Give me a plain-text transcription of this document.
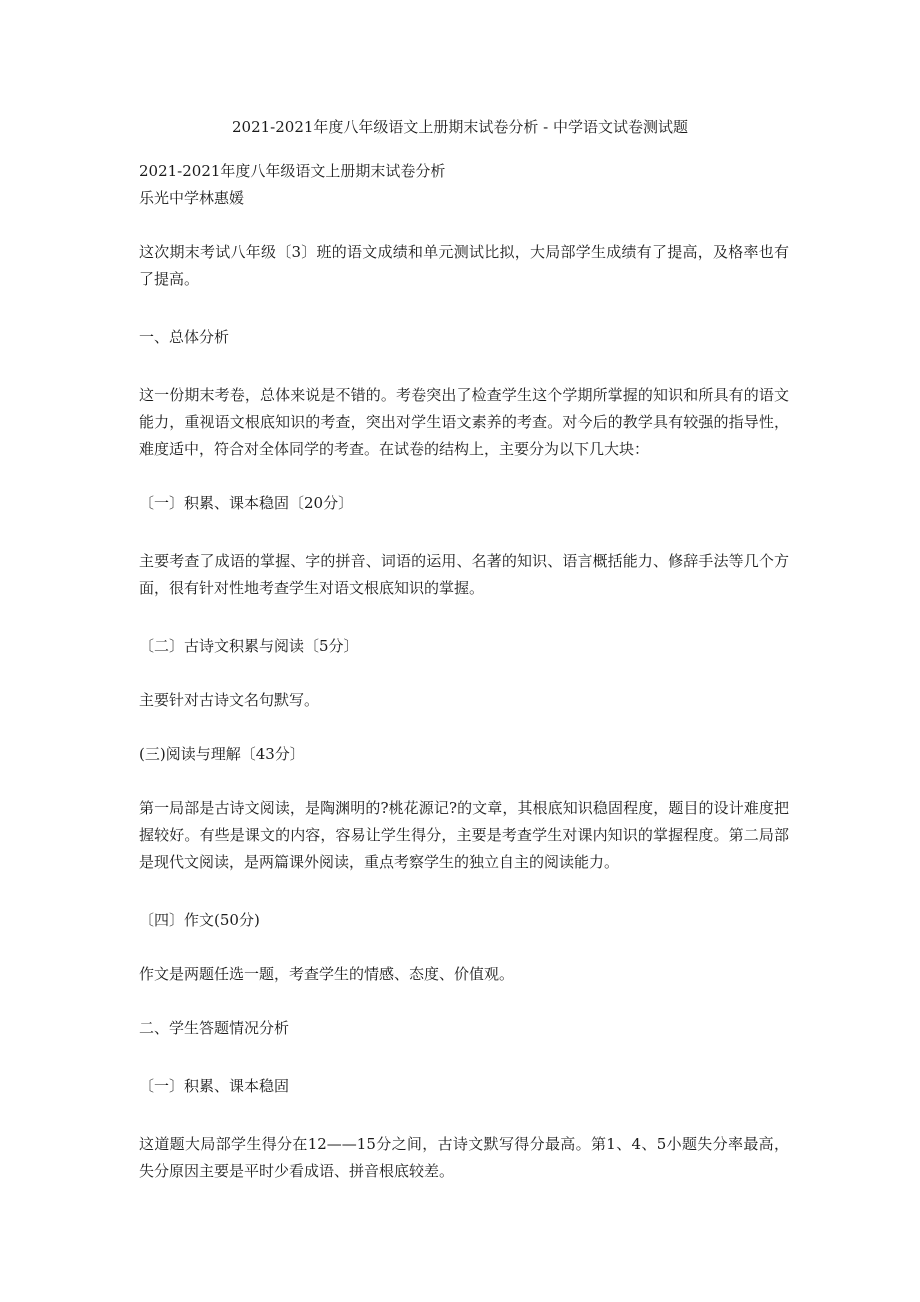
2021-2021年度八年级语文上册期末试卷分析 - 中学语文试卷测试题

2021-2021年度八年级语文上册期末试卷分析

乐光中学林惠媛

这次期末考试八年级〔3〕班的语文成绩和单元测试比拟，大局部学生成绩有了提高，及格率也有了提高。

一、总体分析

这一份期末考卷，总体来说是不错的。考卷突出了检查学生这个学期所掌握的知识和所具有的语文能力，重视语文根底知识的考查，突出对学生语文素养的考查。对今后的教学具有较强的指导性，难度适中，符合对全体同学的考查。在试卷的结构上，主要分为以下几大块：

〔一〕积累、课本稳固〔20分〕

主要考查了成语的掌握、字的拼音、词语的运用、名著的知识、语言概括能力、修辞手法等几个方面，很有针对性地考查学生对语文根底知识的掌握。

〔二〕古诗文积累与阅读〔5分〕

主要针对古诗文名句默写。

(三)阅读与理解〔43分〕

第一局部是古诗文阅读，是陶渊明的?桃花源记?的文章，其根底知识稳固程度，题目的设计难度把握较好。有些是课文的内容，容易让学生得分，主要是考查学生对课内知识的掌握程度。第二局部是现代文阅读，是两篇课外阅读，重点考察学生的独立自主的阅读能力。

〔四〕作文(50分)

作文是两题任选一题，考查学生的情感、态度、价值观。

二、学生答题情况分析

〔一〕积累、课本稳固

这道题大局部学生得分在12——15分之间，古诗文默写得分最高。第1、4、5小题失分率最高，失分原因主要是平时少看成语、拼音根底较差。
